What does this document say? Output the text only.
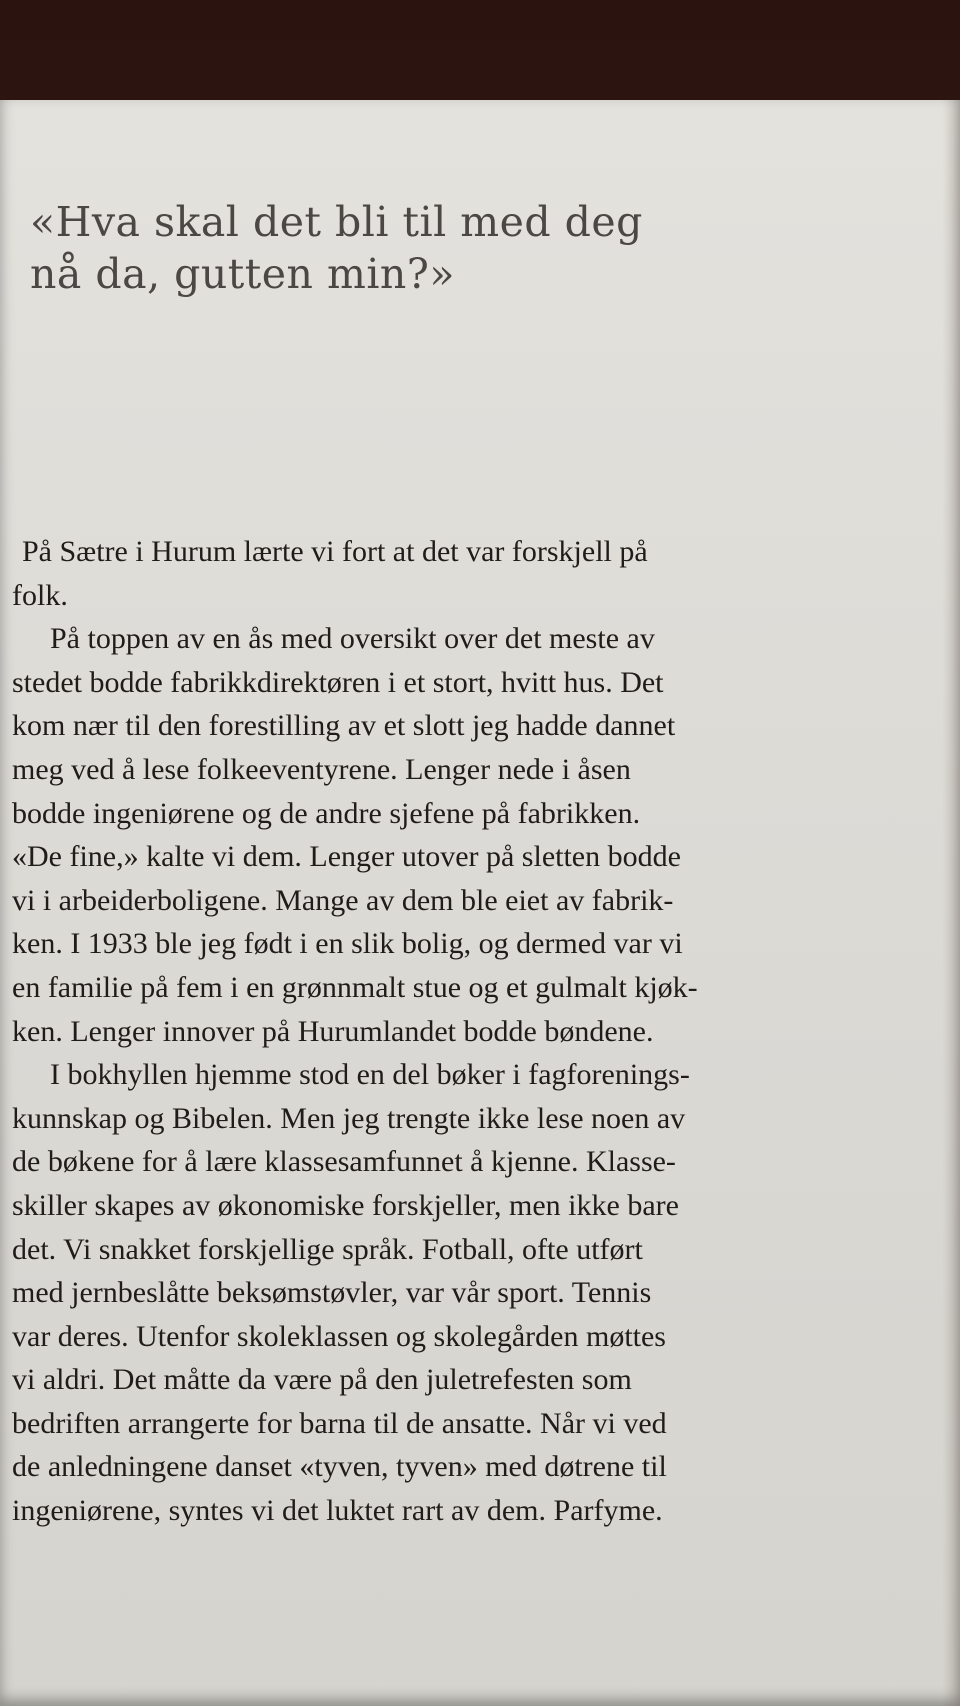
«Hva skal det bli til med deg
nå da, gutten min?»
På Sætre i Hurum lærte vi fort at det var forskjell på
folk.
På toppen av en ås med oversikt over det meste av
stedet bodde fabrikkdirektøren i et stort, hvitt hus. Det
kom nær til den forestilling av et slott jeg hadde dannet
meg ved å lese folkeeventyrene. Lenger nede i åsen
bodde ingeniørene og de andre sjefene på fabrikken.
«De fine,» kalte vi dem. Lenger utover på sletten bodde
vi i arbeiderboligene. Mange av dem ble eiet av fabrik-
ken. I 1933 ble jeg født i en slik bolig, og dermed var vi
en familie på fem i en grønnmalt stue og et gulmalt kjøk-
ken. Lenger innover på Hurumlandet bodde bøndene.
I bokhyllen hjemme stod en del bøker i fagforenings-
kunnskap og Bibelen. Men jeg trengte ikke lese noen av
de bøkene for å lære klassesamfunnet å kjenne. Klasse-
skiller skapes av økonomiske forskjeller, men ikke bare
det. Vi snakket forskjellige språk. Fotball, ofte utført
med jernbeslåtte beksømstøvler, var vår sport. Tennis
var deres. Utenfor skoleklassen og skolegården møttes
vi aldri. Det måtte da være på den juletrefesten som
bedriften arrangerte for barna til de ansatte. Når vi ved
de anledningene danset «tyven, tyven» med døtrene til
ingeniørene, syntes vi det luktet rart av dem. Parfyme.
